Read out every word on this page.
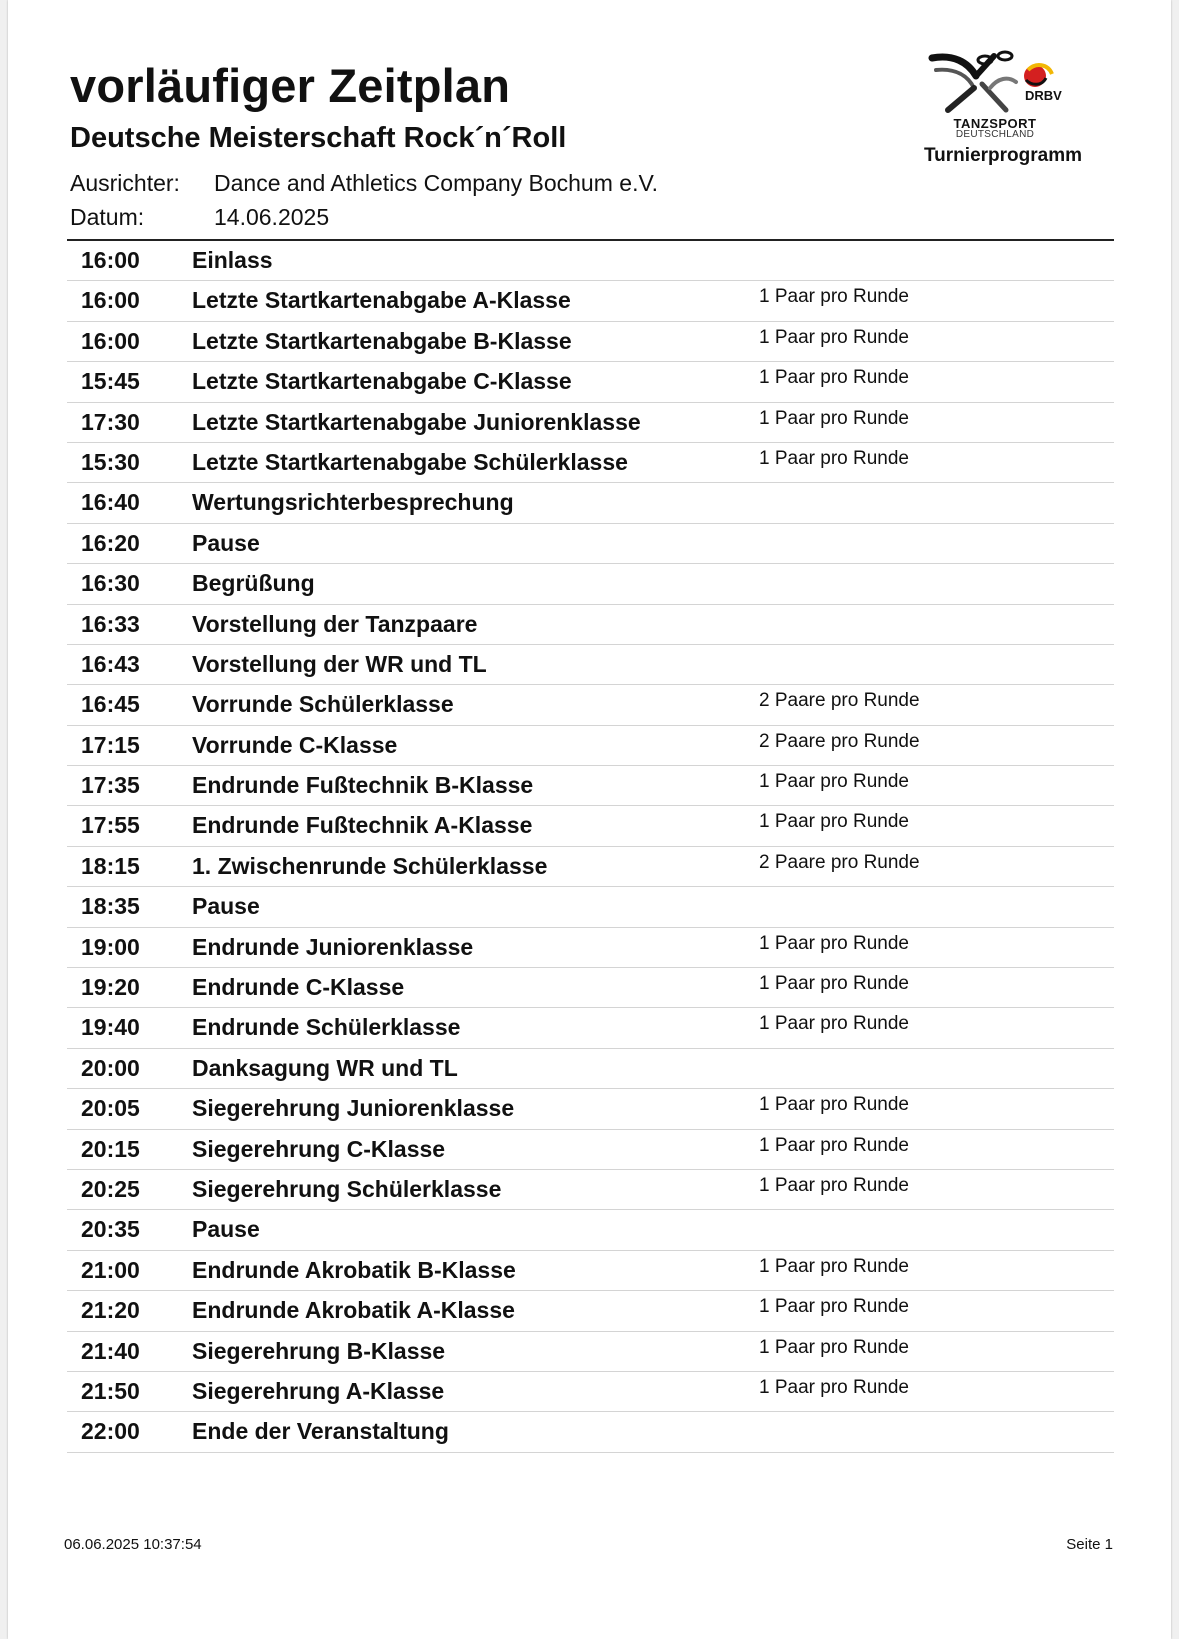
vorläufiger Zeitplan
Deutsche Meisterschaft Rock´n´Roll
Ausrichter: Dance and Athletics Company Bochum e.V.
Datum:	14.06.2025
DRBV
TANZSPORT
DEUTSCHLAND
Turnierprogramm
16:00 Einlass
16:00 Letzte Startkartenabgabe A-Klasse	1 Paar pro Runde
16:00 Letzte Startkartenabgabe B-Klasse	1 Paar pro Runde
15:45 Letzte Startkartenabgabe C-Klasse	1 Paar pro Runde
17:30 Letzte Startkartenabgabe Juniorenklasse	1 Paar pro Runde
15:30 Letzte Startkartenabgabe Schülerklasse	1 Paar pro Runde
16:40 Wertungsrichterbesprechung
16:20 Pause
16:30 Begrüßung
16:33 Vorstellung der Tanzpaare
16:43 Vorstellung der WR und TL
16:45 Vorrunde Schülerklasse	2 Paare pro Runde
17:15 Vorrunde C-Klasse	2 Paare pro Runde
17:35 Endrunde Fußtechnik B-Klasse	1 Paar pro Runde
17:55 Endrunde Fußtechnik A-Klasse	1 Paar pro Runde
18:15 1. Zwischenrunde Schülerklasse	2 Paare pro Runde
18:35 Pause
19:00 Endrunde Juniorenklasse	1 Paar pro Runde
19:20 Endrunde C-Klasse	1 Paar pro Runde
19:40 Endrunde Schülerklasse	1 Paar pro Runde
20:00 Danksagung WR und TL
20:05 Siegerehrung Juniorenklasse	1 Paar pro Runde
20:15 Siegerehrung C-Klasse	1 Paar pro Runde
20:25 Siegerehrung Schülerklasse	1 Paar pro Runde
20:35 Pause
21:00 Endrunde Akrobatik B-Klasse	1 Paar pro Runde
21:20 Endrunde Akrobatik A-Klasse	1 Paar pro Runde
21:40 Siegerehrung B-Klasse	1 Paar pro Runde
21:50 Siegerehrung A-Klasse	1 Paar pro Runde
22:00 Ende der Veranstaltung
06.06.2025 10:37:54	Seite 1
